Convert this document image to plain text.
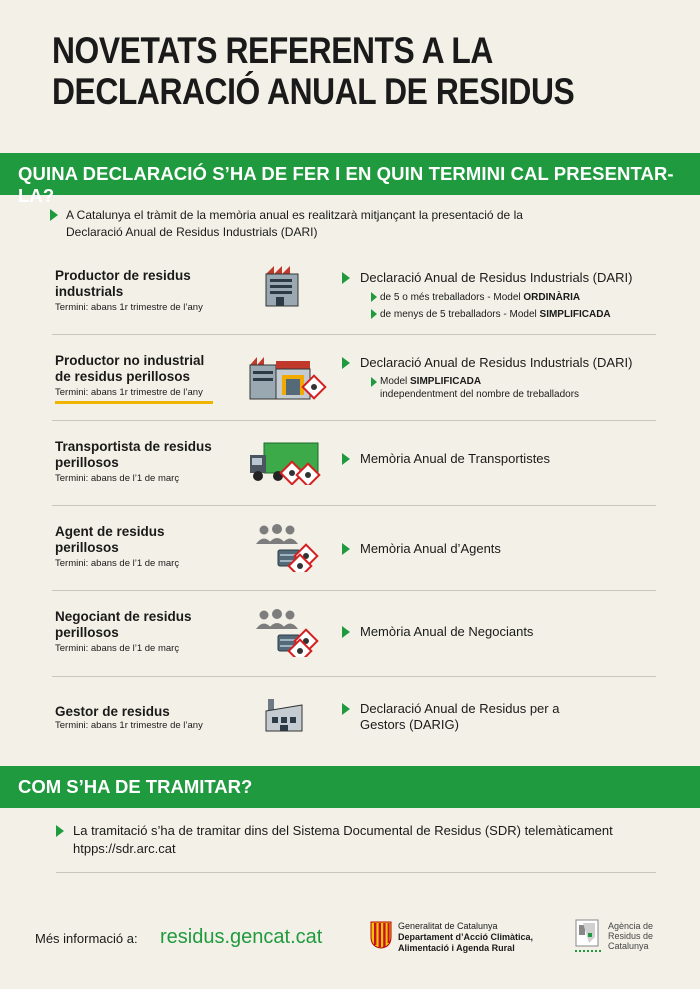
NOVETATS REFERENTS A LA
DECLARACIÓ ANUAL DE RESIDUS
QUINA DECLARACIÓ S’HA DE FER I EN QUIN TERMINI CAL PRESENTAR-LA?

A Catalunya el tràmit de la memòria anual es realitzarà mitjançant la presentació de la

Declaració Anual de Residus Industrials (DARI)

Productor de residus
industrials
Termini: abans 1r trimestre de l’any
Declaració Anual de Residus Industrials (DARI)
de 5 o més treballadors - Model ORDINÀRIA
de menys de 5 treballadors - Model SIMPLIFICADA
Productor no industrial
de residus perillosos
Termini: abans 1r trimestre de l’any
Declaració Anual de Residus Industrials (DARI)
Model SIMPLIFICADA
independentment del nombre de treballadors
Transportista de residus
perillosos
Termini: abans de l’1 de març
Memòria Anual de Transportistes
Agent de residus
perillosos
Termini: abans de l’1 de març
Memòria Anual d’Agents
Negociant de residus
perillosos
Termini: abans de l’1 de març
Memòria Anual de Negociants
Gestor de residus
Termini: abans 1r trimestre de l’any
Declaració Anual de Residus per a
Gestors (DARIG)
COM S’HA DE TRAMITAR?

La tramitació s’ha de tramitar dins del Sistema Documental de Residus (SDR) telemàticament

htpps://sdr.arc.cat

Més informació a: residus.gencat.cat	Generalitat de Catalunya
Departament d’Acció Climàtica,
Alimentació i Agenda Rural
Agència de
Residus de
Catalunya
